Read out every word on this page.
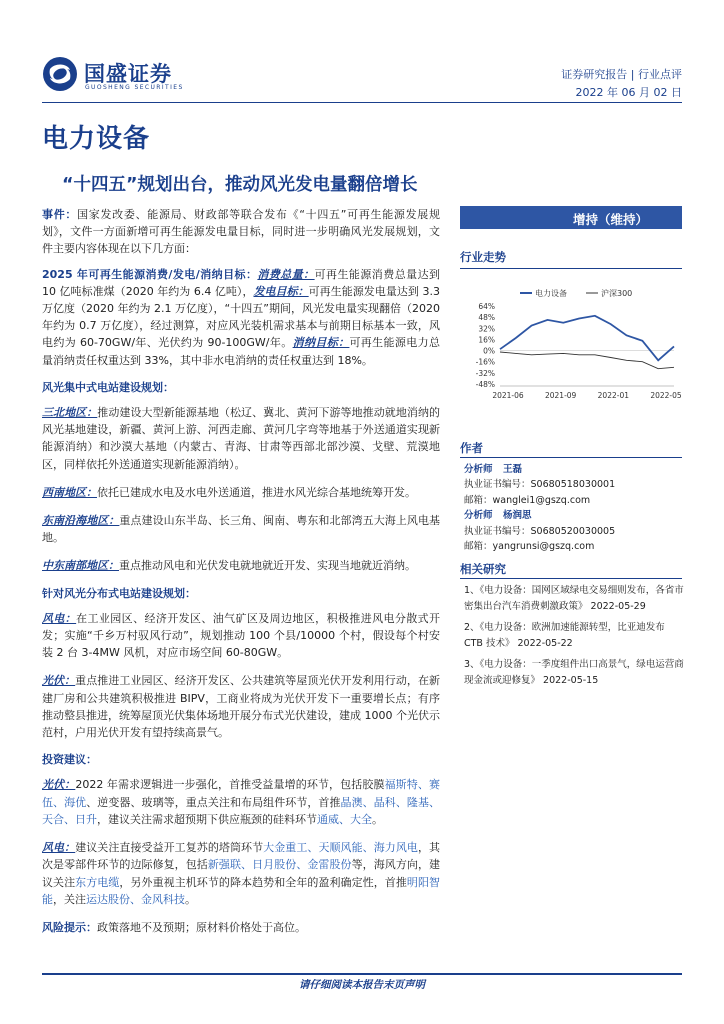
国盛证券
GUOSHENG SECURITIES
证券研究报告 | 行业点评
2022 年 06 月 02 日
电力设备
“十四五”规划出台，推动风光发电量翻倍增长

事件：国家发改委、能源局、财政部等联合发布《“十四五”可再生能源发展规划》，文件一方面新增可再生能源发电量目标，同时进一步明确风光发展规划，文件主要内容体现在以下几方面：

2025 年可再生能源消费/发电/消纳目标：消费总量：可再生能源消费总量达到 10 亿吨标准煤（2020 年约为 6.4 亿吨），发电目标：可再生能源发电量达到 3.3 万亿度（2020 年约为 2.1 万亿度），“十四五”期间，风光发电量实现翻倍（2020 年约为 0.7 万亿度），经过测算，对应风光装机需求基本与前期目标基本一致，风电约为 60-70GW/年、光伏约为 90-100GW/年。消纳目标：可再生能源电力总量消纳责任权重达到 33%，其中非水电消纳的责任权重达到 18%。

风光集中式电站建设规划：

三北地区：推动建设大型新能源基地（松辽、冀北、黄河下游等地推动就地消纳的风光基地建设，新疆、黄河上游、河西走廊、黄河几字弯等地基于外送通道实现新能源消纳）和沙漠大基地（内蒙古、青海、甘肃等西部北部沙漠、戈壁、荒漠地区，同样依托外送通道实现新能源消纳）。

西南地区：依托已建成水电及水电外送通道，推进水风光综合基地统筹开发。

东南沿海地区：重点建设山东半岛、长三角、闽南、粤东和北部湾五大海上风电基地。

中东南部地区：重点推动风电和光伏发电就地就近开发、实现当地就近消纳。

针对风光分布式电站建设规划：

风电：在工业园区、经济开发区、油气矿区及周边地区，积极推进风电分散式开发；实施“千乡万村驭风行动”，规划推动 100 个县/10000 个村，假设每个村安装 2 台 3-4MW 风机，对应市场空间 60-80GW。

光伏：重点推进工业园区、经济开发区、公共建筑等屋顶光伏开发利用行动，在新建厂房和公共建筑积极推进 BIPV，工商业将成为光伏开发下一重要增长点；有序推动整县推进，统筹屋顶光伏集体场地开展分布式光伏建设，建成 1000 个光伏示范村，户用光伏开发有望持续高景气。

投资建议：

光伏：2022 年需求逻辑进一步强化，首推受益量增的环节，包括胶膜福斯特、赛伍、海优、逆变器、玻璃等，重点关注和布局组件环节，首推晶澳、晶科、隆基、天合、日升，建议关注需求超预期下供应瓶颈的硅料环节通威、大全。

风电：建议关注直接受益开工复苏的塔筒环节大金重工、天顺风能、海力风电，其次是零部件环节的边际修复，包括新强联、日月股份、金雷股份等，海风方向，建议关注东方电缆，另外重视主机环节的降本趋势和全年的盈利确定性，首推明阳智能，关注运达股份、金风科技。

风险提示：政策落地不及预期；原材料价格处于高位。

增持（维持）
行业走势
64%
48%
32%
16%
0%
-16%
-32%
-48%
2021-06	2021-09	2022-01	2022-05
电力设备	沪深300
作者
分析师 王磊
执业证书编号：S0680518030001
邮箱：wanglei1@gszq.com
分析师 杨润思
执业证书编号：S0680520030005
邮箱：yangrunsi@gszq.com
相关研究
1、《电力设备：国网区域绿电交易细则发布，各省市密集出台汽车消费刺激政策》 2022-05-29
2、《电力设备：欧洲加速能源转型，比亚迪发布 CTB 技术》 2022-05-22
3、《电力设备：一季度组件出口高景气，绿电运营商现金流或迎修复》 2022-05-15
请仔细阅读本报告末页声明
